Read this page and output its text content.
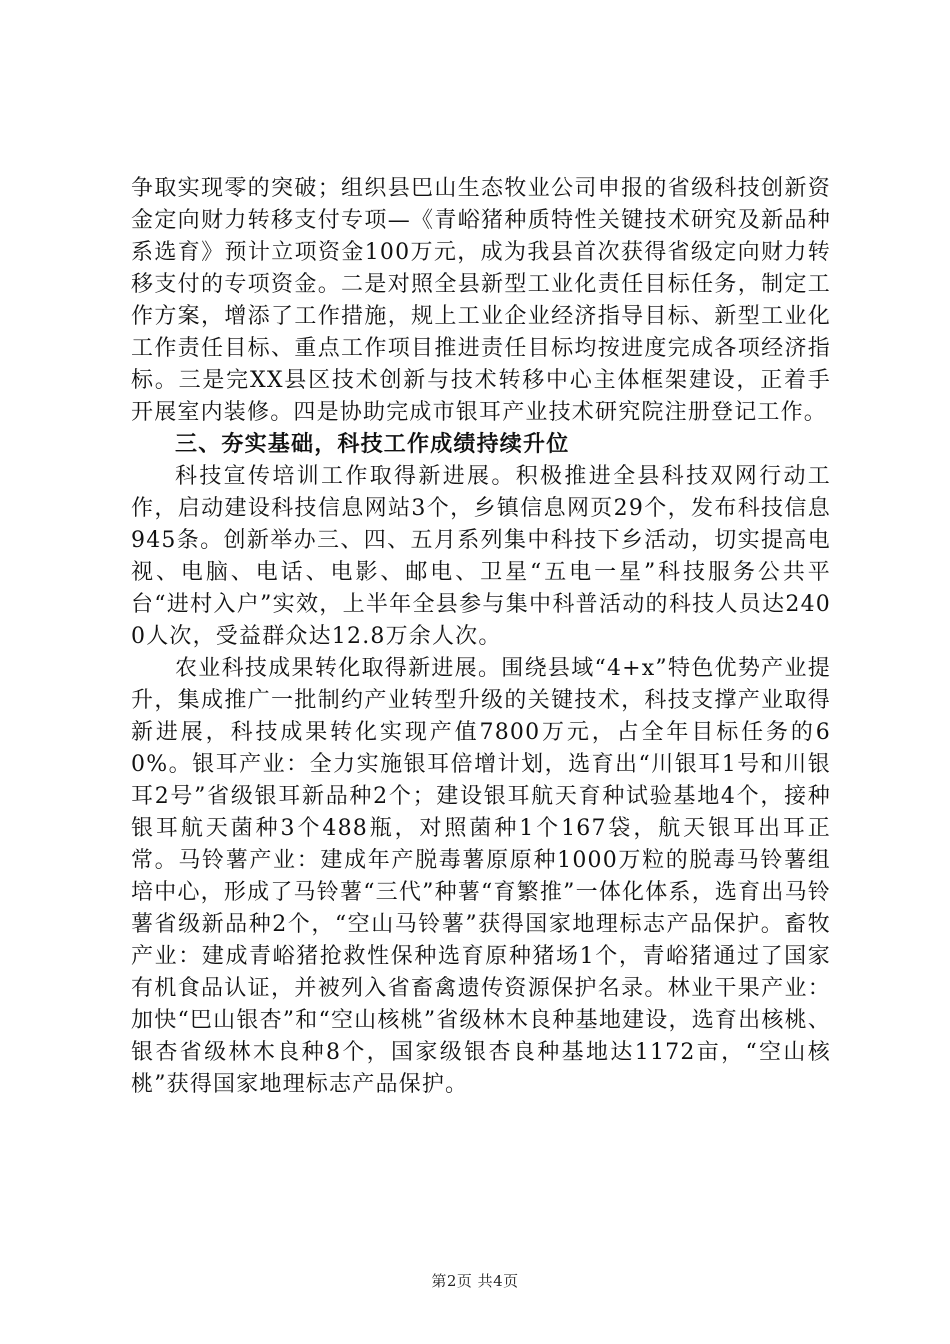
争取实现零的突破；组织县巴山生态牧业公司申报的省级科技创新资金定向财力转移支付专项—《青峪猪种质特性关键技术研究及新品种系选育》预计立项资金100万元，成为我县首次获得省级定向财力转移支付的专项资金。二是对照全县新型工业化责任目标任务，制定工作方案，增添了工作措施，规上工业企业经济指导目标、新型工业化工作责任目标、重点工作项目推进责任目标均按进度完成各项经济指标。三是完XX县区技术创新与技术转移中心主体框架建设，正着手开展室内装修。四是协助完成市银耳产业技术研究院注册登记工作。

三、夯实基础，科技工作成绩持续升位

科技宣传培训工作取得新进展。积极推进全县科技双网行动工作，启动建设科技信息网站3个，乡镇信息网页29个，发布科技信息945条。创新举办三、四、五月系列集中科技下乡活动，切实提高电视、电脑、电话、电影、邮电、卫星“五电一星”科技服务公共平台“进村入户”实效，上半年全县参与集中科普活动的科技人员达2400人次，受益群众达12.8万余人次。

农业科技成果转化取得新进展。围绕县域“4+x”特色优势产业提升，集成推广一批制约产业转型升级的关键技术，科技支撑产业取得新进展，科技成果转化实现产值7800万元，占全年目标任务的60%。银耳产业：全力实施银耳倍增计划，选育出“川银耳1号和川银耳2号”省级银耳新品种2个；建设银耳航天育种试验基地4个，接种银耳航天菌种3个488瓶，对照菌种1个167袋，航天银耳出耳正常。马铃薯产业：建成年产脱毒薯原原种1000万粒的脱毒马铃薯组培中心，形成了马铃薯“三代”种薯“育繁推”一体化体系，选育出马铃薯省级新品种2个，“空山马铃薯”获得国家地理标志产品保护。畜牧产业：建成青峪猪抢救性保种选育原种猪场1个，青峪猪通过了国家有机食品认证，并被列入省畜禽遗传资源保护名录。林业干果产业：加快“巴山银杏”和“空山核桃”省级林木良种基地建设，选育出核桃、银杏省级林木良种8个，国家级银杏良种基地达1172亩，“空山核桃”获得国家地理标志产品保护。

第2页 共4页
